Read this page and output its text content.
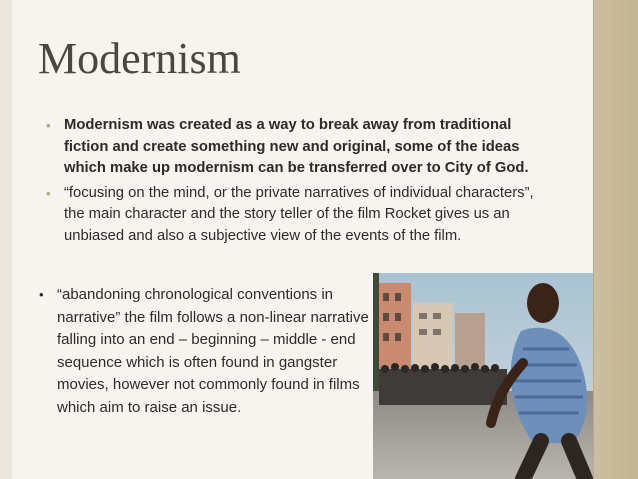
Modernism
• Modernism was created as a way to break away from traditional fiction and create something new and original, some of the ideas which make up modernism can be transferred over to City of God.
• “focusing on the mind, or the private narratives of individual characters”, the main character and the story teller of the film Rocket gives us an unbiased and also a subjective view of the events of the film.
• “abandoning chronological conventions in narrative” the film follows a non-linear narrative falling into an end – beginning – middle - end sequence which is often found in gangster movies, however not commonly found in films which aim to raise an issue.
